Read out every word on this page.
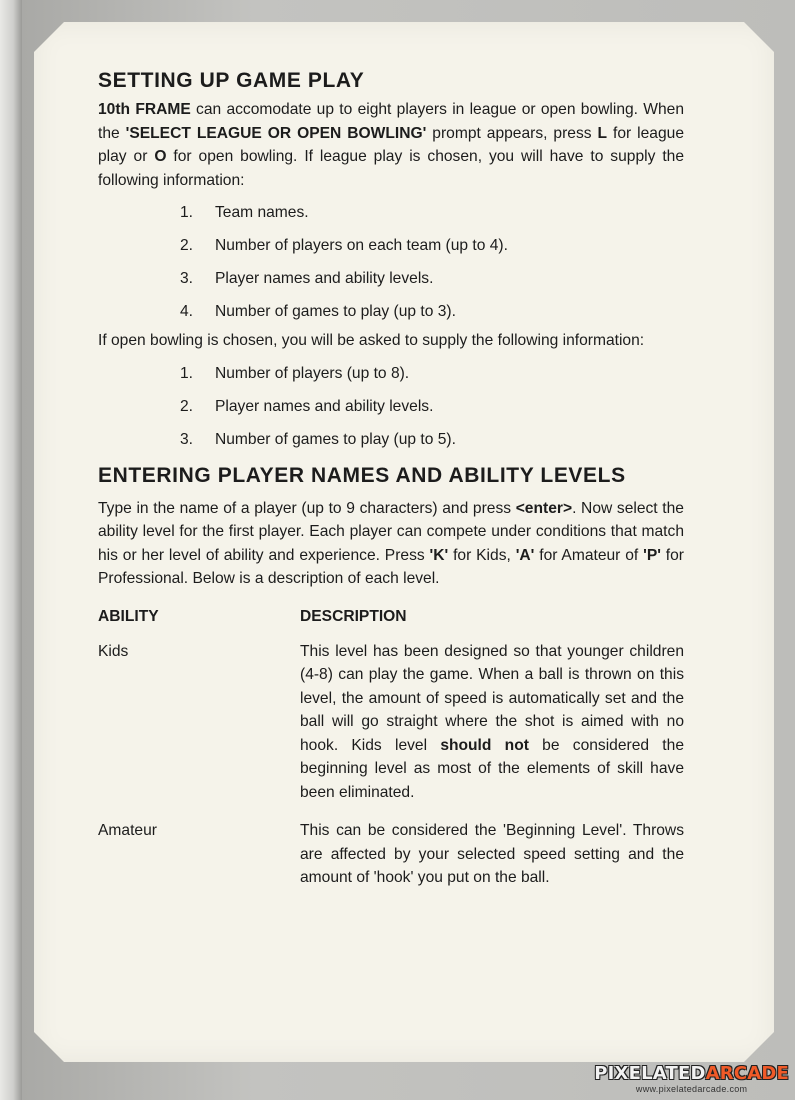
SETTING UP GAME PLAY

10th FRAME can accomodate up to eight players in league or open bowling. When the 'SELECT LEAGUE OR OPEN BOWLING' prompt appears, press L for league play or O for open bowling. If league play is chosen, you will have to supply the following information:

1.	Team names.
2.	Number of players on each team (up to 4).
3.	Player names and ability levels.
4.	Number of games to play (up to 3).

If open bowling is chosen, you will be asked to supply the following information:

1.	Number of players (up to 8).
2.	Player names and ability levels.
3.	Number of games to play (up to 5).
ENTERING PLAYER NAMES AND ABILITY LEVELS

Type in the name of a player (up to 9 characters) and press <enter>. Now select the ability level for the first player. Each player can compete under conditions that match his or her level of ability and experience. Press 'K' for Kids, 'A' for Amateur of 'P' for Professional. Below is a description of each level.

ABILITY	DESCRIPTION
Kids	This level has been designed so that younger children (4-8) can play the game. When a ball is thrown on this level, the amount of speed is automatically set and the ball will go straight where the shot is aimed with no hook. Kids level should not be considered the beginning level as most of the elements of skill have been eliminated.
Amateur	This can be considered the 'Beginning Level'. Throws are affected by your selected speed setting and the amount of 'hook' you put on the ball.
PIXELATEDARCADE
www.pixelatedarcade.com
